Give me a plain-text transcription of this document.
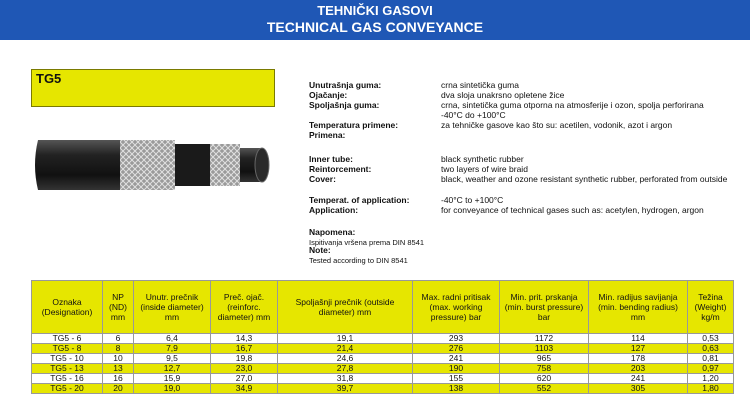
TEHNIČKI GASOVI
TECHNICAL GAS CONVEYANCE
TG5	Unutrašnja guma:	crna sintetička guma
Ojačanje:	dva sloja unakrsno opletene žice
Spoljašnja guma:	crna, sintetička guma otporna na atmosferije i ozon, spolja perforirana
-40°C do +100°C
Temperatura primene:	za tehničke gasove kao što su: acetilen, vodonik, azot i argon
Primena:
Inner tube:	black synthetic rubber
Reintorcement:	two layers of wire braid
Cover:	black, weather and ozone resistant synthetic rubber, perforated from outside
Temperat. of application:	-40°C to +100°C
Application:	for conveyance of technical gases such as: acetylen, hydrogen, argon
Napomena:
Ispitivanja vršena prema DIN 8541
Note:
Tested according to DIN 8541
Oznaka (Designation)	NP (ND) mm	Unutr. prečnik (inside diameter) mm	Preč. ojač. (reinforc. diameter) mm	Spoljašnji prečnik (outside diameter) mm	Max. radni pritisak (max. working pressure) bar	Min. prit. prskanja (min. burst pressure) bar	Min. radijus savijanja (min. bending radius) mm	Težina (Weight) kg/m
TG5 - 6	6	6,4	14,3	19,1	293	1172	114	0,53
TG5 - 8	8	7,9	16,7	21,4	276	1103	127	0,63
TG5 - 10	10	9,5	19,8	24,6	241	965	178	0,81
TG5 - 13	13	12,7	23,0	27,8	190	758	203	0,97
TG5 - 16	16	15,9	27,0	31,8	155	620	241	1,20
TG5 - 20	20	19,0	34,9	39,7	138	552	305	1,80
